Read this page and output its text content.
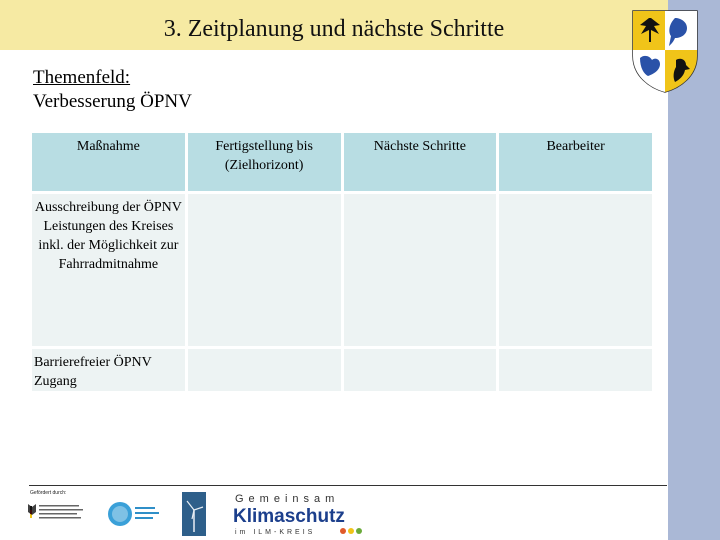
3. Zeitplanung und nächste Schritte
Themenfeld:
Verbesserung ÖPNV
Maßnahme	Fertigstellung bis (Zielhorizont)	Nächste Schritte	Bearbeiter
Ausschreibung der ÖPNV Leistungen des Kreises inkl. der Möglichkeit zur Fahrradmitnahme			
Barrierefreier ÖPNV Zugang			
Gefördert durch:	Gemeinsam
Klimaschutz
im ILM-KREIS
